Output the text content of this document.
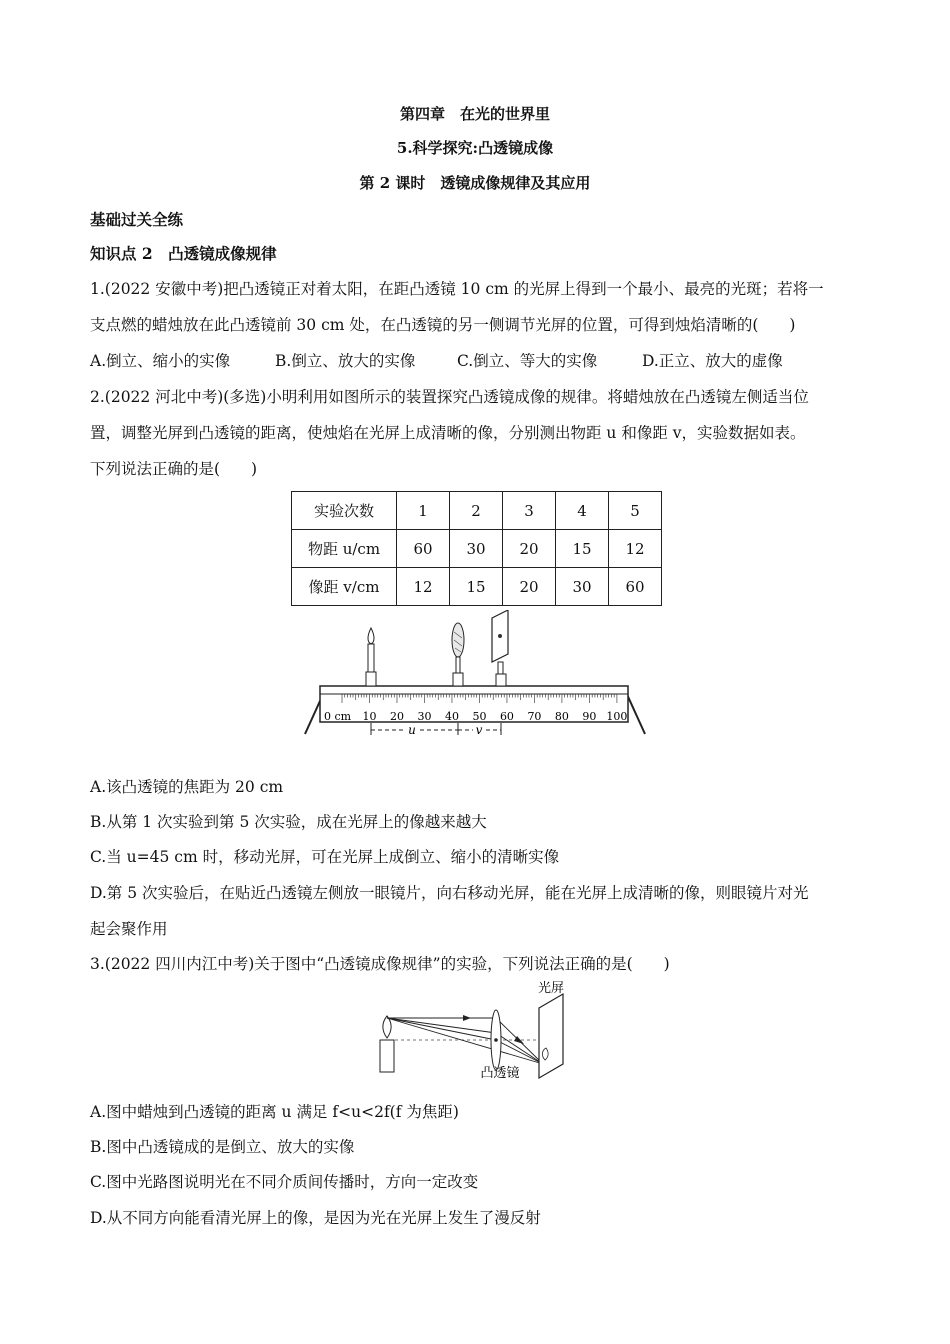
第四章　在光的世界里
5.科学探究:凸透镜成像
第 2 课时　透镜成像规律及其应用
基础过关全练
知识点 2　凸透镜成像规律
1.(2022 安徽中考)把凸透镜正对着太阳，在距凸透镜 10 cm 的光屏上得到一个最小、最亮的光斑；若将一
支点燃的蜡烛放在此凸透镜前 30 cm 处，在凸透镜的另一侧调节光屏的位置，可得到烛焰清晰的(　　)
A.倒立、缩小的实像	B.倒立、放大的实像	C.倒立、等大的实像	D.正立、放大的虚像
2.(2022 河北中考)(多选)小明利用如图所示的装置探究凸透镜成像的规律。将蜡烛放在凸透镜左侧适当位
置，调整光屏到凸透镜的距离，使烛焰在光屏上成清晰的像，分别测出物距 u 和像距 v，实验数据如表。
下列说法正确的是(　　)
实验次数	1	2	3	4	5
物距 u/cm	60	30	20	15	12
像距 v/cm	12	15	20	30	60
0 cm 10 20 30 40 50 60 70 80 90 100
u	v
A.该凸透镜的焦距为 20 cm
B.从第 1 次实验到第 5 次实验，成在光屏上的像越来越大
C.当 u=45 cm 时，移动光屏，可在光屏上成倒立、缩小的清晰实像
D.第 5 次实验后，在贴近凸透镜左侧放一眼镜片，向右移动光屏，能在光屏上成清晰的像，则眼镜片对光
起会聚作用
3.(2022 四川内江中考)关于图中“凸透镜成像规律”的实验，下列说法正确的是(　　)
光屏
凸透镜
A.图中蜡烛到凸透镜的距离 u 满足 f<u<2f(f 为焦距)
B.图中凸透镜成的是倒立、放大的实像
C.图中光路图说明光在不同介质间传播时，方向一定改变
D.从不同方向能看清光屏上的像，是因为光在光屏上发生了漫反射
